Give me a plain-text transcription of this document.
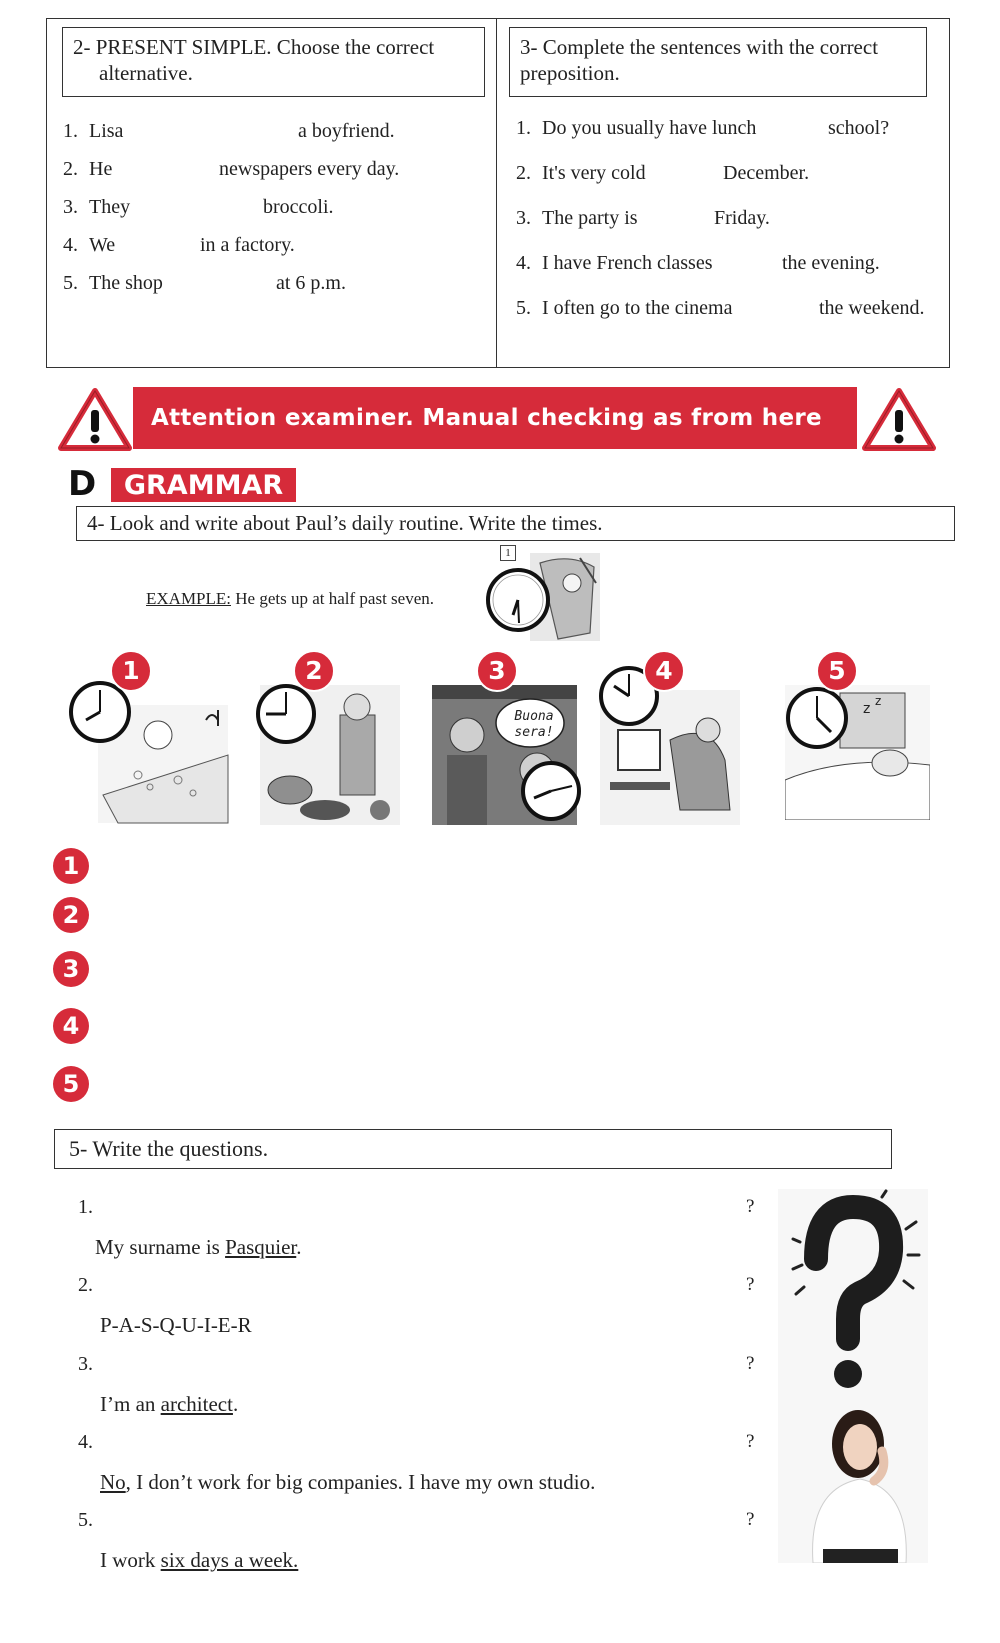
2- PRESENT SIMPLE. Choose the correct alternative.
1. Lisa	a boyfriend.
2. He	newspapers every day.
3. They	broccoli.
4. We	in a factory.
5. The shop	at 6 p.m.
3- Complete the sentences with the correct preposition.
1. Do you usually have lunch	school?
2. It's very cold	December.
3. The party is	Friday.
4. I have French classes	the evening.
5. I often go to the cinema	the weekend.
Attention examiner. Manual checking as from here
D	GRAMMAR
4- Look and write about Paul’s daily routine. Write the times.
EXAMPLE: He gets up at half past seven.
1
1	2
Buona sera!
3	4
z z
5
1
2
3
4
5
5- Write the questions.
1.	?
My surname is Pasquier.
2.	?
P-A-S-Q-U-I-E-R
3.	?
I’m an architect.
4.	?
No, I don’t work for big companies. I have my own studio.
5.	?
I work six days a week.
